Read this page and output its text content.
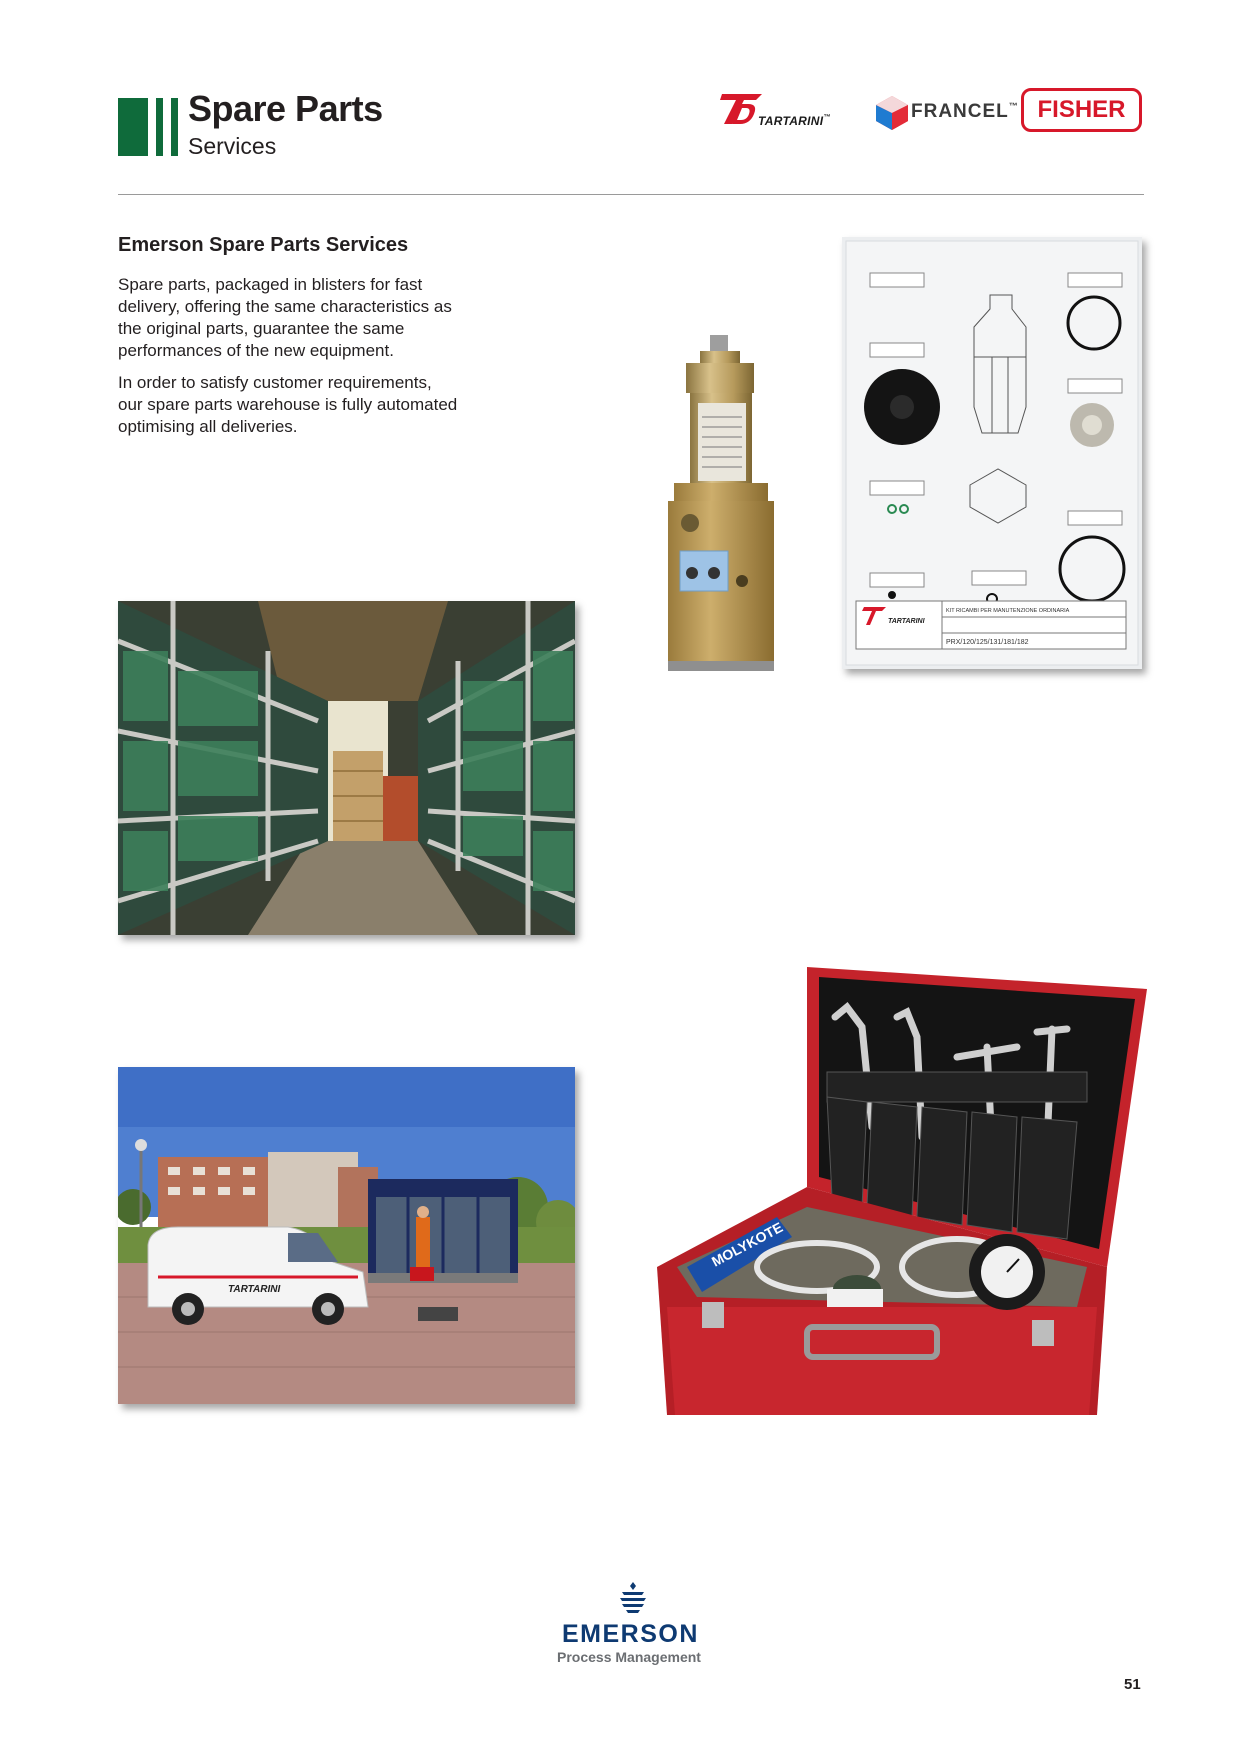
Spare Parts
Services
TARTARINI™	FRANCEL™ FISHER
Emerson Spare Parts Services

Spare parts, packaged in blisters for fast delivery, offering the same characteristics as the original parts, guarantee the same performances of the new equipment.

In order to satisfy customer requirements, our spare parts warehouse is fully automated optimising all deliveries.

TARTARINI
KIT RICAMBI PER MANUTENZIONE ORDINARIA
PRX/120/125/131/181/182
TARTARINI
MOLYKOTE
EMERSON
Process Management
51
